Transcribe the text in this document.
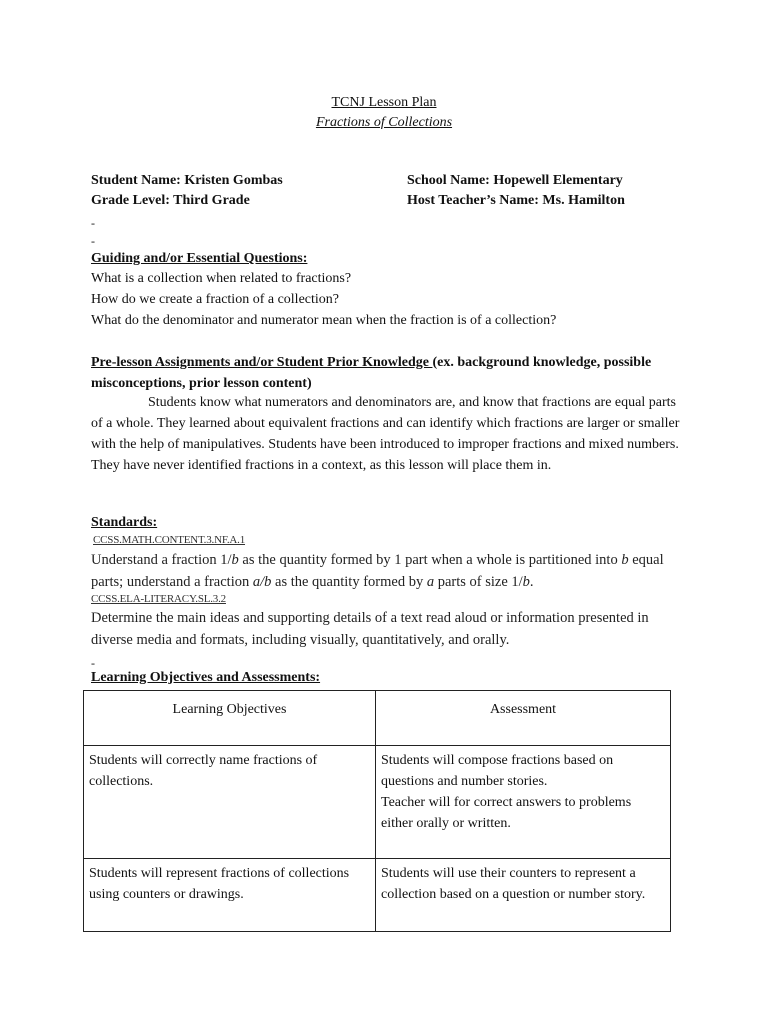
TCNJ Lesson Plan
Fractions of Collections
Student Name: Kristen Gombas	School Name: Hopewell Elementary
Grade Level: Third Grade	Host Teacher’s Name: Ms. Hamilton
-
-
Guiding and/or Essential Questions:
What is a collection when related to fractions?
How do we create a fraction of a collection?
What do the denominator and numerator mean when the fraction is of a collection?
Pre-lesson Assignments and/or Student Prior Knowledge (ex. background knowledge, possible misconceptions, prior lesson content)
Students know what numerators and denominators are, and know that fractions are equal parts of a whole. They learned about equivalent fractions and can identify which fractions are larger or smaller with the help of manipulatives. Students have been introduced to improper fractions and mixed numbers. They have never identified fractions in a context, as this lesson will place them in.
Standards:
CCSS.MATH.CONTENT.3.NF.A.1
Understand a fraction 1/b as the quantity formed by 1 part when a whole is partitioned into b equal parts; understand a fraction a/b as the quantity formed by a parts of size 1/b.
CCSS.ELA-LITERACY.SL.3.2
Determine the main ideas and supporting details of a text read aloud or information presented in diverse media and formats, including visually, quantitatively, and orally.
-
Learning Objectives and Assessments:
Learning Objectives	Assessment
Students will correctly name fractions of collections.	Students will compose fractions based on questions and number stories.
Teacher will for correct answers to problems either orally or written.

Students will represent fractions of collections using counters or drawings.	Students will use their counters to represent a collection based on a question or number story.
